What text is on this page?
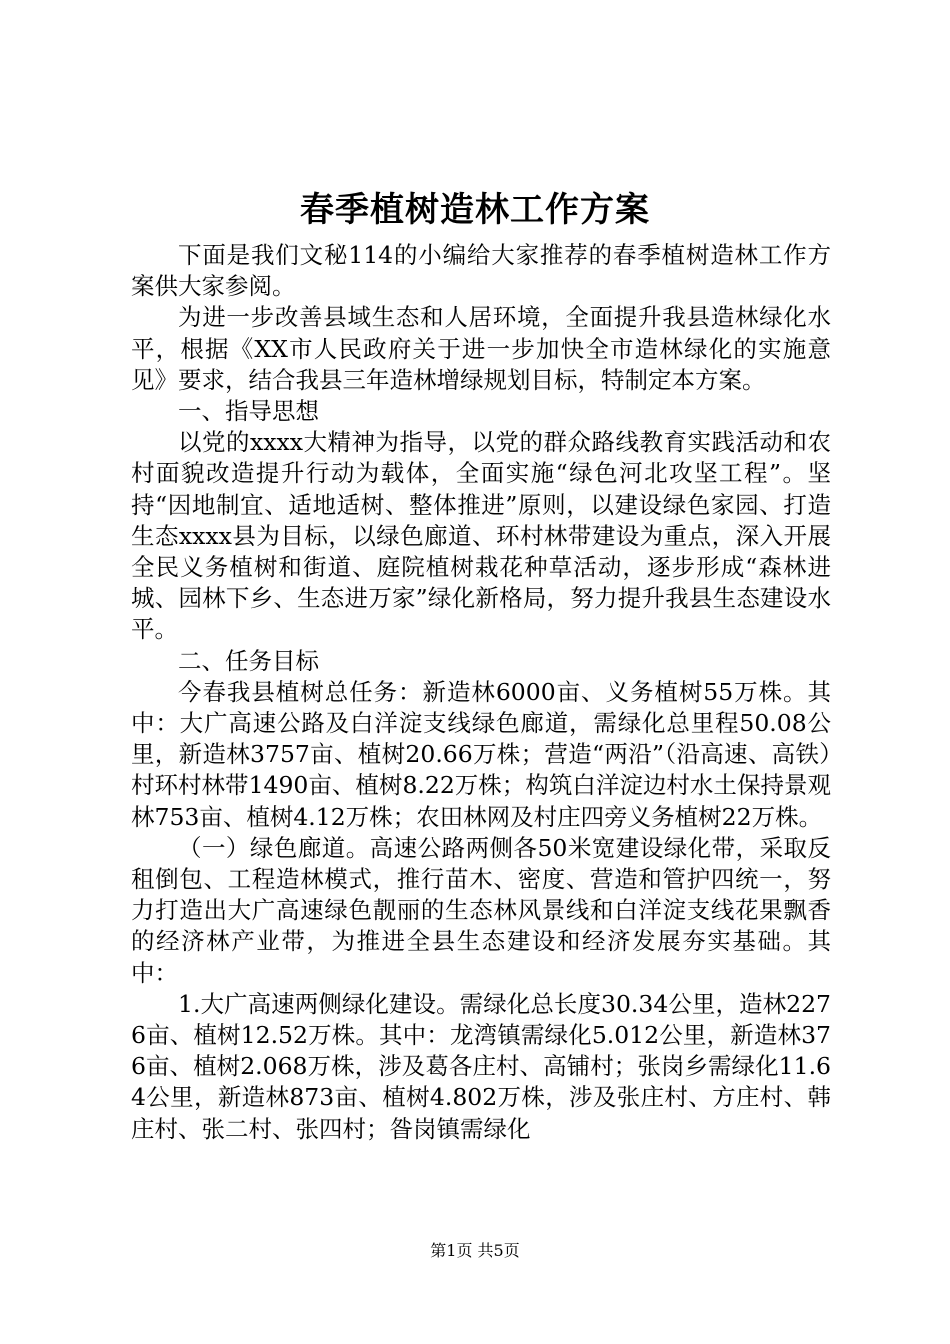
春季植树造林工作方案

下面是我们文秘114的小编给大家推荐的春季植树造林工作方案供大家参阅。

为进一步改善县域生态和人居环境，全面提升我县造林绿化水平，根据《XX市人民政府关于进一步加快全市造林绿化的实施意见》要求，结合我县三年造林增绿规划目标，特制定本方案。

一、指导思想

以党的xxxx大精神为指导，以党的群众路线教育实践活动和农村面貌改造提升行动为载体，全面实施“绿色河北攻坚工程”。坚持“因地制宜、适地适树、整体推进”原则，以建设绿色家园、打造生态xxxx县为目标，以绿色廊道、环村林带建设为重点，深入开展全民义务植树和街道、庭院植树栽花种草活动，逐步形成“森林进城、园林下乡、生态进万家”绿化新格局，努力提升我县生态建设水平。

二、任务目标

今春我县植树总任务：新造林6000亩、义务植树55万株。其中：大广高速公路及白洋淀支线绿色廊道，需绿化总里程50.08公里，新造林3757亩、植树20.66万株；营造“两沿”（沿高速、高铁）村环村林带1490亩、植树8.22万株；构筑白洋淀边村水土保持景观林753亩、植树4.12万株；农田林网及村庄四旁义务植树22万株。

（一）绿色廊道。高速公路两侧各50米宽建设绿化带，采取反租倒包、工程造林模式，推行苗木、密度、营造和管护四统一，努力打造出大广高速绿色靓丽的生态林风景线和白洋淀支线花果飘香的经济林产业带，为推进全县生态建设和经济发展夯实基础。其中：

1.大广高速两侧绿化建设。需绿化总长度30.34公里，造林2276亩、植树12.52万株。其中：龙湾镇需绿化5.012公里，新造林376亩、植树2.068万株，涉及葛各庄村、高铺村；张岗乡需绿化11.64公里，新造林873亩、植树4.802万株，涉及张庄村、方庄村、韩庄村、张二村、张四村；昝岗镇需绿化

第1页 共5页
